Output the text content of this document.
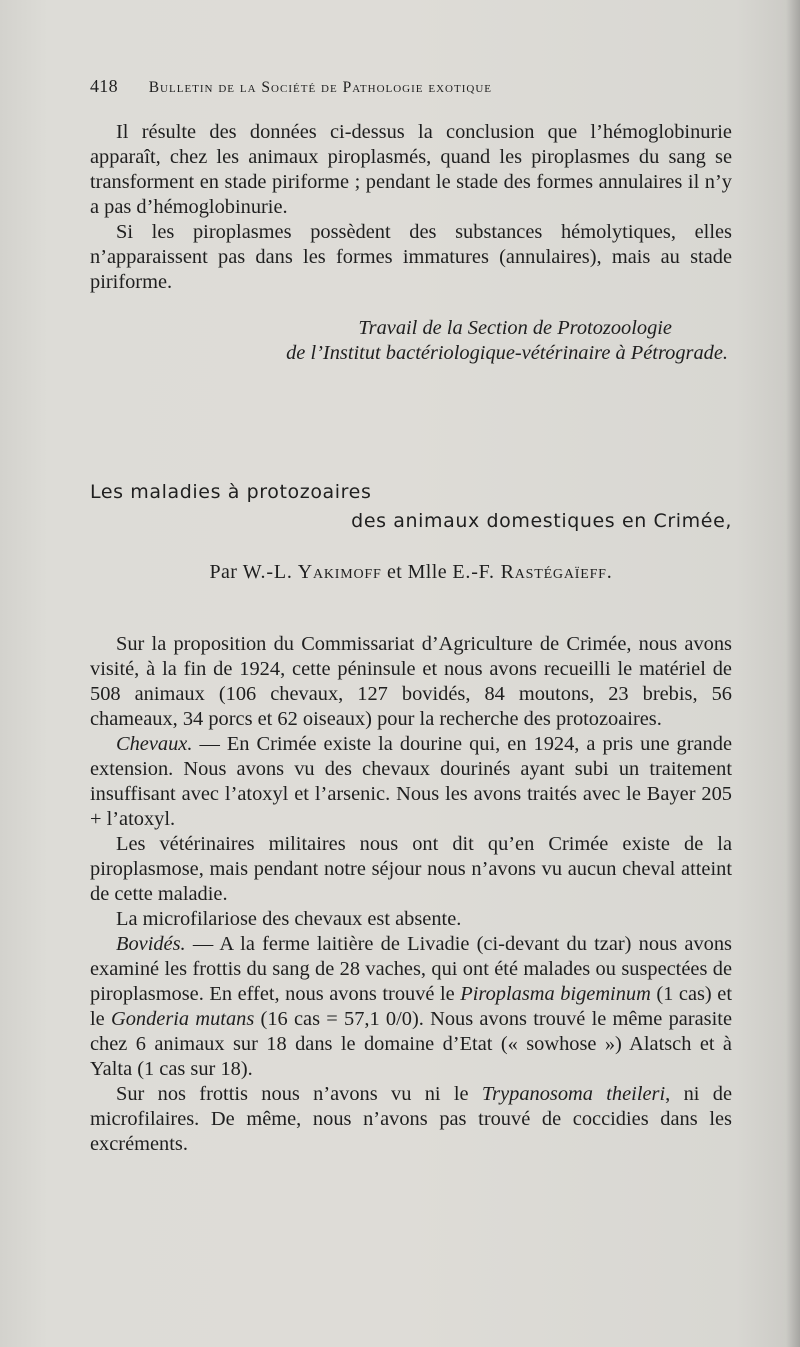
418 Bulletin de la Société de Pathologie exotique

Il résulte des données ci-dessus la conclusion que l’hémoglobinurie apparaît, chez les animaux piroplasmés, quand les piroplasmes du sang se transforment en stade piriforme ; pendant le stade des formes annulaires il n’y a pas d’hémoglobinurie.

Si les piroplasmes possèdent des substances hémolytiques, elles n’apparaissent pas dans les formes immatures (annulaires), mais au stade piriforme.

Travail de la Section de Protozoologie
de l’Institut bactériologique-vétérinaire à Pétrograde.
Les maladies à protozoaires
des animaux domestiques en Crimée,
Par W.-L. Yakimoff et Mlle E.-F. Rastégaïeff.

Sur la proposition du Commissariat d’Agriculture de Crimée, nous avons visité, à la fin de 1924, cette péninsule et nous avons recueilli le matériel de 508 animaux (106 chevaux, 127 bovidés, 84 moutons, 23 brebis, 56 chameaux, 34 porcs et 62 oiseaux) pour la recherche des protozoaires.

Chevaux. — En Crimée existe la dourine qui, en 1924, a pris une grande extension. Nous avons vu des chevaux dourinés ayant subi un traitement insuffisant avec l’atoxyl et l’arsenic. Nous les avons traités avec le Bayer 205 + l’atoxyl.

Les vétérinaires militaires nous ont dit qu’en Crimée existe de la piroplasmose, mais pendant notre séjour nous n’avons vu aucun cheval atteint de cette maladie.

La microfilariose des chevaux est absente.

Bovidés. — A la ferme laitière de Livadie (ci-devant du tzar) nous avons examiné les frottis du sang de 28 vaches, qui ont été malades ou suspectées de piroplasmose. En effet, nous avons trouvé le Piroplasma bigeminum (1 cas) et le Gonderia mutans (16 cas = 57,1 0/0). Nous avons trouvé le même parasite chez 6 animaux sur 18 dans le domaine d’Etat (« sowhose ») Alatsch et à Yalta (1 cas sur 18).

Sur nos frottis nous n’avons vu ni le Trypanosoma theileri, ni de microfilaires. De même, nous n’avons pas trouvé de coccidies dans les excréments.
